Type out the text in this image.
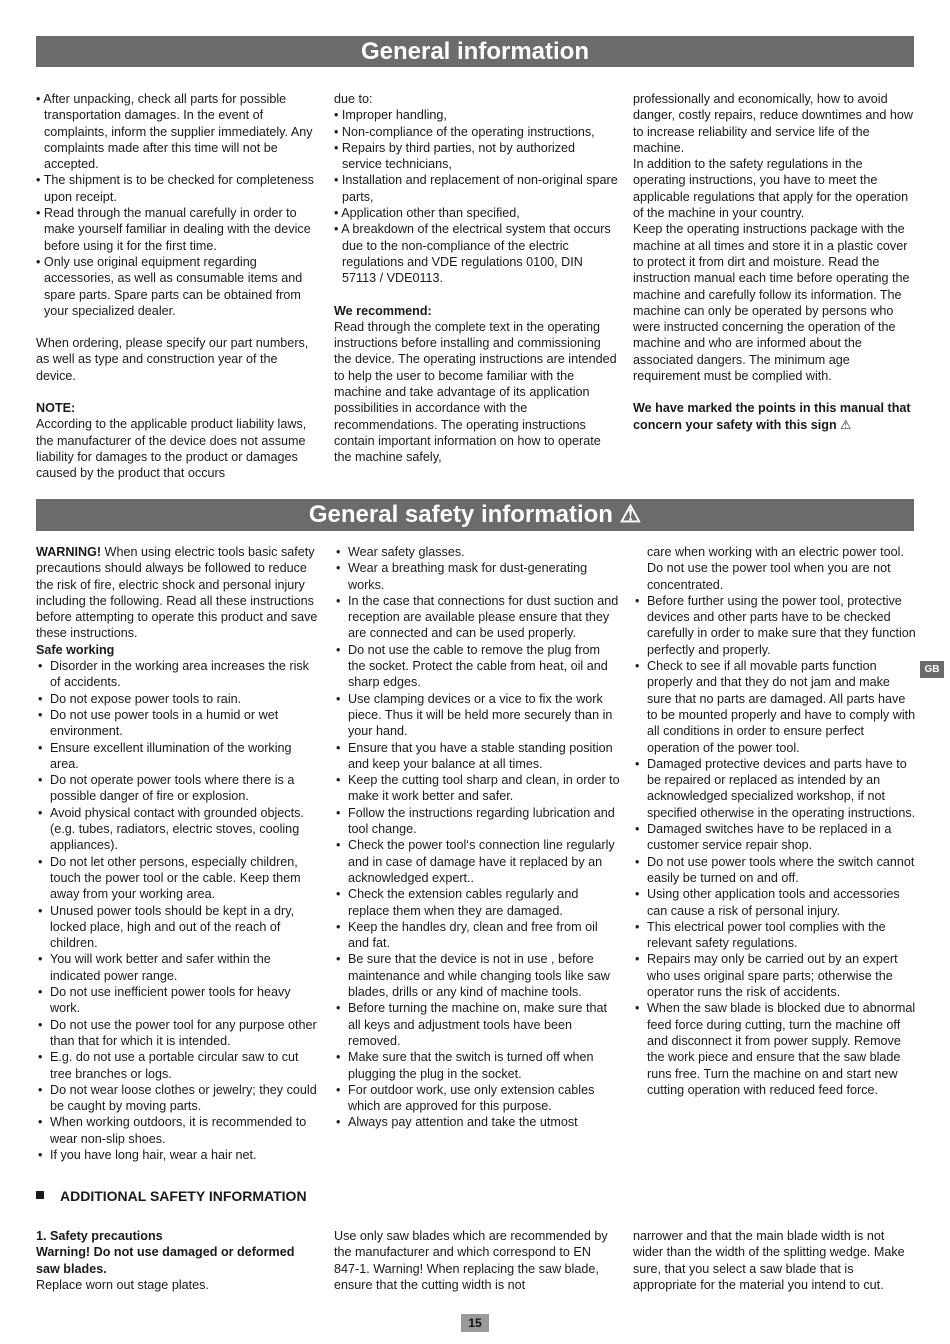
General information
• After unpacking, check all parts for possible transportation damages. In the event of complaints, inform the supplier immediately. Any complaints made after this time will not be accepted.
• The shipment is to be checked for completeness upon receipt.
• Read through the manual carefully in order to make yourself familiar in dealing with the device before using it for the first time.
• Only use original equipment regarding accessories, as well as consumable items and spare parts. Spare parts can be obtained from your specialized dealer.

When ordering, please specify our part numbers, as well as type and construction year of the device.

NOTE:

According to the applicable product liability laws, the manufacturer of the device does not assume liability for damages to the product or damages caused by the product that occurs

due to:

• Improper handling,
• Non-compliance of the operating instructions,
• Repairs by third parties, not by authorized service technicians,
• Installation and replacement of non-original spare parts,
• Application other than specified,
• A breakdown of the electrical system that occurs due to the non-compliance of the electric regulations and VDE regulations 0100, DIN 57113 / VDE0113.

We recommend:

Read through the complete text in the operating instructions before installing and commissioning the device. The operating instructions are intended to help the user to become familiar with the machine and take advantage of its application possibilities in accordance with the recommendations. The operating instructions contain important information on how to operate the machine safely,

professionally and economically, how to avoid danger, costly repairs, reduce downtimes and how to increase reliability and service life of the machine.

In addition to the safety regulations in the operating instructions, you have to meet the applicable regulations that apply for the operation of the machine in your country.

Keep the operating instructions package with the machine at all times and store it in a plastic cover to protect it from dirt and moisture. Read the instruction manual each time before operating the machine and carefully follow its information. The machine can only be operated by persons who were instructed concerning the operation of the machine and who are informed about the associated dangers. The minimum age requirement must be complied with.

We have marked the points in this manual that concern your safety with this sign ⚠

General safety information ⚠

WARNING! When using electric tools basic safety precautions should always be followed to reduce the risk of fire, electric shock and personal injury including the following. Read all these instructions before attempting to operate this product and save these instructions.

Safe working

• Disorder in the working area increases the risk of accidents.
• Do not expose power tools to rain.
• Do not use power tools in a humid or wet environment.
• Ensure excellent illumination of the working area.
• Do not operate power tools where there is a possible danger of fire or explosion.
• Avoid physical contact with grounded objects. (e.g. tubes, radiators, electric stoves, cooling appliances).
• Do not let other persons, especially children, touch the power tool or the cable. Keep them away from your working area.
• Unused power tools should be kept in a dry, locked place, high and out of the reach of children.
• You will work better and safer within the indicated power range.
• Do not use inefficient power tools for heavy work.
• Do not use the power tool for any purpose other than that for which it is intended.
• E.g. do not use a portable circular saw to cut tree branches or logs.
• Do not wear loose clothes or jewelry; they could be caught by moving parts.
• When working outdoors, it is recommended to wear non-slip shoes.
• If you have long hair, wear a hair net.
• Wear safety glasses.
• Wear a breathing mask for dust-generating works.
• In the case that connections for dust suction and reception are available please ensure that they are connected and can be used properly.
• Do not use the cable to remove the plug from the socket. Protect the cable from heat, oil and sharp edges.
• Use clamping devices or a vice to fix the work piece. Thus it will be held more securely than in your hand.
• Ensure that you have a stable standing position and keep your balance at all times.
• Keep the cutting tool sharp and clean, in order to make it work better and safer.
• Follow the instructions regarding lubrication and tool change.
• Check the power tool‘s connection line regularly and in case of damage have it replaced by an acknowledged expert..
• Check the extension cables regularly and replace them when they are damaged.
• Keep the handles dry, clean and free from oil and fat.
• Be sure that the device is not in use , before maintenance and while changing tools like saw blades, drills or any kind of machine tools.
• Before turning the machine on, make sure that all keys and adjustment tools have been removed.
• Make sure that the switch is turned off when plugging the plug in the socket.
• For outdoor work, use only extension cables which are approved for this purpose.
• Always pay attention and take the utmost

care when working with an electric power tool. Do not use the power tool when you are not concentrated.

• Before further using the power tool, protective devices and other parts have to be checked carefully in order to make sure that they function perfectly and properly.
• Check to see if all movable parts function properly and that they do not jam and make sure that no parts are damaged. All parts have to be mounted properly and have to comply with all conditions in order to ensure perfect operation of the power tool.
• Damaged protective devices and parts have to be repaired or replaced as intended by an acknowledged specialized workshop, if not specified otherwise in the operating instructions.
• Damaged switches have to be replaced in a customer service repair shop.
• Do not use power tools where the switch cannot easily be turned on and off.
• Using other application tools and accessories can cause a risk of personal injury.
• This electrical power tool complies with the relevant safety regulations.
• Repairs may only be carried out by an expert who uses original spare parts; otherwise the operator runs the risk of accidents.
• When the saw blade is blocked due to abnormal feed force during cutting, turn the machine off and disconnect it from power supply. Remove the work piece and ensure that the saw blade runs free. Turn the machine on and start new cutting operation with reduced feed force.
GB
ADDITIONAL SAFETY INFORMATION

1. Safety precautions

Warning! Do not use damaged or deformed saw blades.

Replace worn out stage plates.

Use only saw blades which are recommended by the manufacturer and which correspond to EN 847-1. Warning! When replacing the saw blade, ensure that the cutting width is not

narrower and that the main blade width is not wider than the width of the splitting wedge. Make sure, that you select a saw blade that is appropriate for the material you intend to cut.

15
